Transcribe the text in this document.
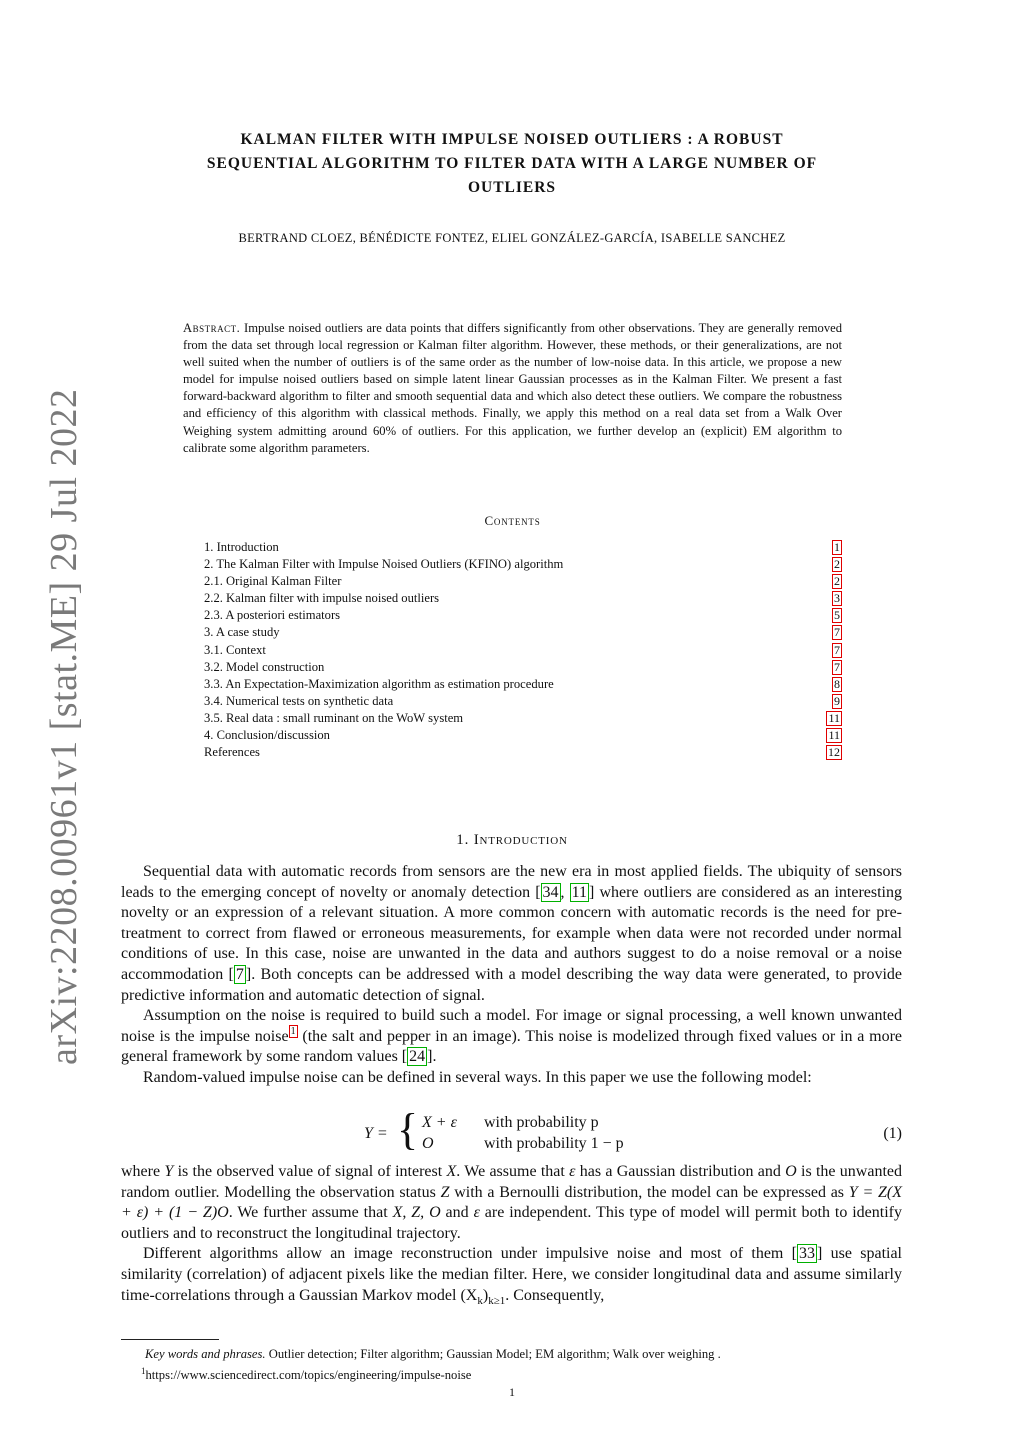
arXiv:2208.00961v1 [stat.ME] 29 Jul 2022
KALMAN FILTER WITH IMPULSE NOISED OUTLIERS : A ROBUST
SEQUENTIAL ALGORITHM TO FILTER DATA WITH A LARGE NUMBER OF
OUTLIERS
BERTRAND CLOEZ, BÉNÉDICTE FONTEZ, ELIEL GONZÁLEZ-GARCÍA, ISABELLE SANCHEZ
Abstract. Impulse noised outliers are data points that differs significantly from other observations. They are generally removed from the data set through local regression or Kalman filter algorithm. However, these methods, or their generalizations, are not well suited when the number of outliers is of the same order as the number of low-noise data. In this article, we propose a new model for impulse noised outliers based on simple latent linear Gaussian processes as in the Kalman Filter. We present a fast forward-backward algorithm to filter and smooth sequential data and which also detect these outliers. We compare the robustness and efficiency of this algorithm with classical methods. Finally, we apply this method on a real data set from a Walk Over Weighing system admitting around 60% of outliers. For this application, we further develop an (explicit) EM algorithm to calibrate some algorithm parameters.
Contents
1. Introduction	1
2. The Kalman Filter with Impulse Noised Outliers (KFINO) algorithm	2
2.1. Original Kalman Filter	2
2.2. Kalman filter with impulse noised outliers	3
2.3. A posteriori estimators	5
3. A case study	7
3.1. Context	7
3.2. Model construction	7
3.3. An Expectation-Maximization algorithm as estimation procedure	8
3.4. Numerical tests on synthetic data	9
3.5. Real data : small ruminant on the WoW system	11
4. Conclusion/discussion	11
References	12
1. Introduction

Sequential data with automatic records from sensors are the new era in most applied fields. The ubiquity of sensors leads to the emerging concept of novelty or anomaly detection [ 34 , 11 ] where outliers are considered as an interesting novelty or an expression of a relevant situation. A more common concern with automatic records is the need for pre-treatment to correct from flawed or erroneous measurements, for example when data were not recorded under normal conditions of use. In this case, noise are unwanted in the data and authors suggest to do a noise removal or a noise accommodation [ 7 ]. Both concepts can be addressed with a model describing the way data were generated, to provide predictive information and automatic detection of signal.

Assumption on the noise is required to build such a model. For image or signal processing, a well known unwanted noise is the impulse noise $^1$ (the salt and pepper in an image). This noise is modelized through fixed values or in a more general framework by some random values [ 24 ].

Random-valued impulse noise can be defined in several ways. In this paper we use the following model:

Y = { X + ε with probability p
O	with probability 1 − p
(1)

where Y is the observed value of signal of interest X. We assume that ε has a Gaussian distribution and O is the unwanted random outlier. Modelling the observation status Z with a Bernoulli distribution, the model can be expressed as Y = Z(X + ε) + (1 − Z)O. We further assume that X, Z, O and ε are independent. This type of model will permit both to identify outliers and to reconstruct the longitudinal trajectory.

Different algorithms allow an image reconstruction under impulsive noise and most of them [ 33 ] use spatial similarity (correlation) of adjacent pixels like the median filter. Here, we consider longitudinal data and assume similarly time-correlations through a Gaussian Markov model $(X_k)_{k\ge 1}$. Consequently,

Key words and phrases. Outlier detection; Filter algorithm; Gaussian Model; EM algorithm; Walk over weighing .
$^1$https://www.sciencedirect.com/topics/engineering/impulse-noise
1
